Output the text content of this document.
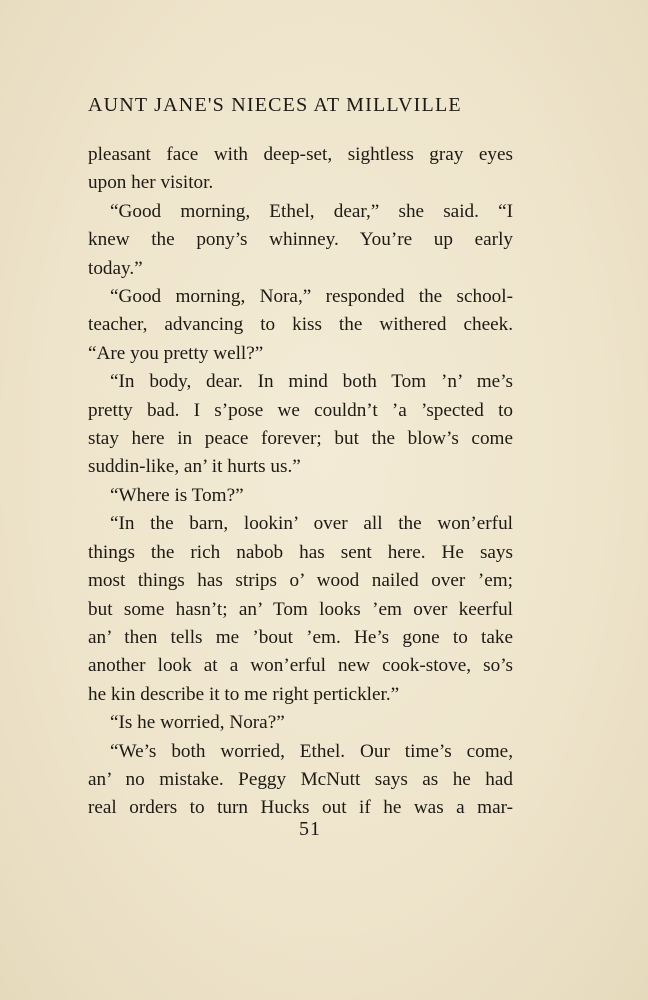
AUNT JANE'S NIECES AT MILLVILLE
pleasant face with deep-set, sightless gray eyes
upon her visitor.
“Good morning, Ethel, dear,” she said. “I
knew the pony’s whinney. You’re up early
today.”
“Good morning, Nora,” responded the school-
teacher, advancing to kiss the withered cheek.
“Are you pretty well?”
“In body, dear. In mind both Tom ’n’ me’s
pretty bad. I s’pose we couldn’t ’a ’spected to
stay here in peace forever; but the blow’s come
suddin-like, an’ it hurts us.”
“Where is Tom?”
“In the barn, lookin’ over all the won’erful
things the rich nabob has sent here. He says
most things has strips o’ wood nailed over ’em;
but some hasn’t; an’ Tom looks ’em over keerful
an’ then tells me ’bout ’em. He’s gone to take
another look at a won’erful new cook-stove, so’s
he kin describe it to me right pertickler.”
“Is he worried, Nora?”
“We’s both worried, Ethel. Our time’s come,
an’ no mistake. Peggy McNutt says as he had
real orders to turn Hucks out if he was a mar-
51
